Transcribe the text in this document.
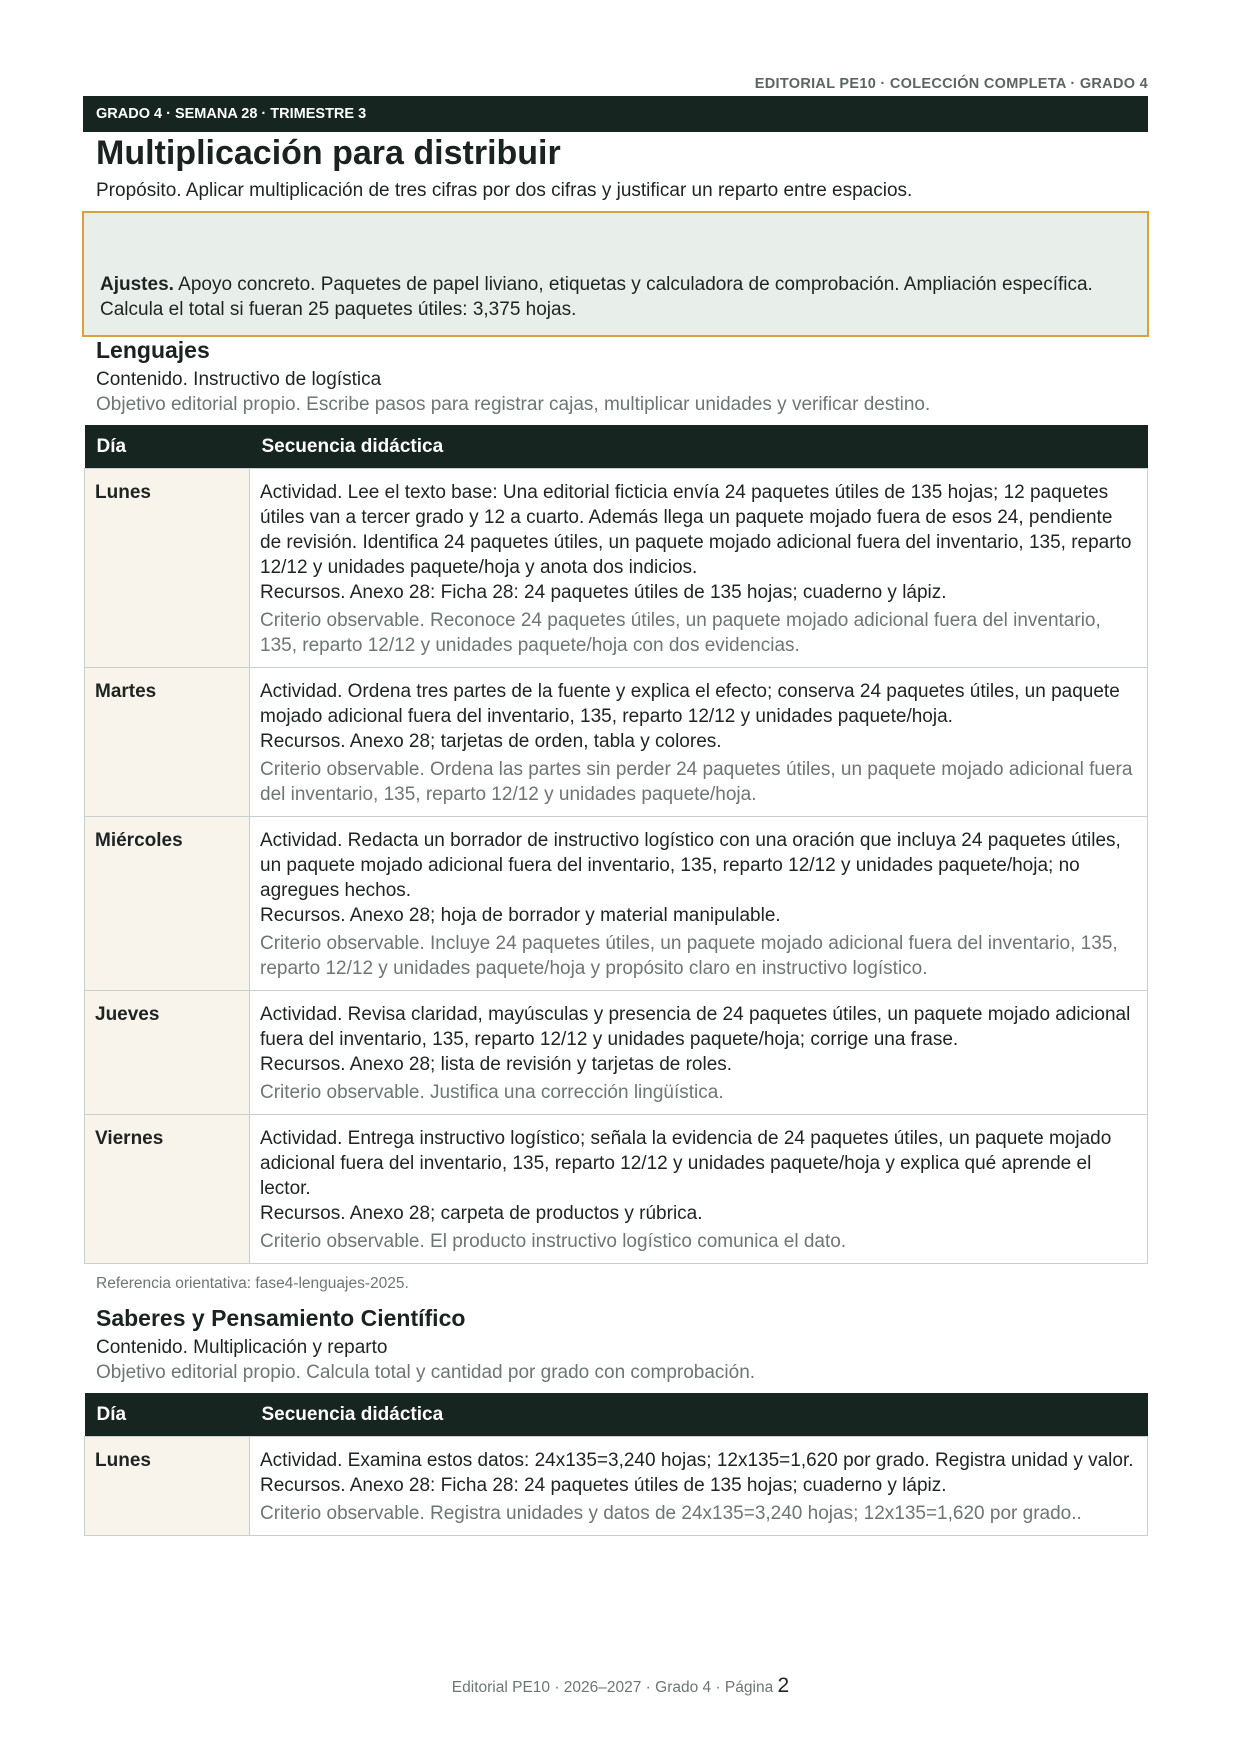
EDITORIAL PE10 · COLECCIÓN COMPLETA · GRADO 4
GRADO 4 · SEMANA 28 · TRIMESTRE 3
Multiplicación para distribuir
Propósito. Aplicar multiplicación de tres cifras por dos cifras y justificar un reparto entre espacios.
Ajustes. Apoyo concreto. Paquetes de papel liviano, etiquetas y calculadora de comprobación. Ampliación específica. Calcula el total si fueran 25 paquetes útiles: 3,375 hojas.
Lenguajes
Contenido. Instructivo de logística
Objetivo editorial propio. Escribe pasos para registrar cajas, multiplicar unidades y verificar destino.
Día	Secuencia didáctica
Lunes	Actividad. Lee el texto base: Una editorial ficticia envía 24 paquetes útiles de 135 hojas; 12 paquetes útiles van a tercer grado y 12 a cuarto. Además llega un paquete mojado fuera de esos 24, pendiente de revisión. Identifica 24 paquetes útiles, un paquete mojado adicional fuera del inventario, 135, reparto 12/12 y unidades paquete/hoja y anota dos indicios.
Recursos. Anexo 28: Ficha 28: 24 paquetes útiles de 135 hojas; cuaderno y lápiz.
Criterio observable. Reconoce 24 paquetes útiles, un paquete mojado adicional fuera del inventario, 135, reparto 12/12 y unidades paquete/hoja con dos evidencias.

Martes	Actividad. Ordena tres partes de la fuente y explica el efecto; conserva 24 paquetes útiles, un paquete mojado adicional fuera del inventario, 135, reparto 12/12 y unidades paquete/hoja.
Recursos. Anexo 28; tarjetas de orden, tabla y colores.
Criterio observable. Ordena las partes sin perder 24 paquetes útiles, un paquete mojado adicional fuera del inventario, 135, reparto 12/12 y unidades paquete/hoja.

Miércoles	Actividad. Redacta un borrador de instructivo logístico con una oración que incluya 24 paquetes útiles, un paquete mojado adicional fuera del inventario, 135, reparto 12/12 y unidades paquete/hoja; no agregues hechos.
Recursos. Anexo 28; hoja de borrador y material manipulable.
Criterio observable. Incluye 24 paquetes útiles, un paquete mojado adicional fuera del inventario, 135, reparto 12/12 y unidades paquete/hoja y propósito claro en instructivo logístico.

Jueves	Actividad. Revisa claridad, mayúsculas y presencia de 24 paquetes útiles, un paquete mojado adicional fuera del inventario, 135, reparto 12/12 y unidades paquete/hoja; corrige una frase.
Recursos. Anexo 28; lista de revisión y tarjetas de roles.
Criterio observable. Justifica una corrección lingüística.

Viernes	Actividad. Entrega instructivo logístico; señala la evidencia de 24 paquetes útiles, un paquete mojado adicional fuera del inventario, 135, reparto 12/12 y unidades paquete/hoja y explica qué aprende el lector.
Recursos. Anexo 28; carpeta de productos y rúbrica.
Criterio observable. El producto instructivo logístico comunica el dato.
Referencia orientativa: fase4-lenguajes-2025.
Saberes y Pensamiento Científico
Contenido. Multiplicación y reparto
Objetivo editorial propio. Calcula total y cantidad por grado con comprobación.
Día	Secuencia didáctica
Lunes	Actividad. Examina estos datos: 24x135=3,240 hojas; 12x135=1,620 por grado. Registra unidad y valor.
Recursos. Anexo 28: Ficha 28: 24 paquetes útiles de 135 hojas; cuaderno y lápiz.
Criterio observable. Registra unidades y datos de 24x135=3,240 hojas; 12x135=1,620 por grado..
Editorial PE10 · 2026–2027 · Grado 4 · Página 2
